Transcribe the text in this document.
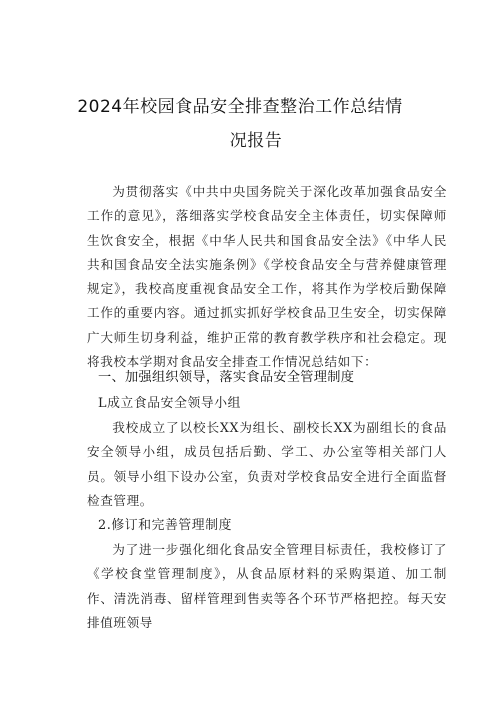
2024年校园食品安全排查整治工作总结情
况报告
为贯彻落实《中共中央国务院关于深化改革加强食品安全工作的意见》，落细落实学校食品安全主体责任，切实保障师生饮食安全，根据《中华人民共和国食品安全法》《中华人民共和国食品安全法实施条例》《学校食品安全与营养健康管理规定》，我校高度重视食品安全工作，将其作为学校后勤保障工作的重要内容。通过抓实抓好学校食品卫生安全，切实保障广大师生切身利益，维护正常的教育教学秩序和社会稳定。现将我校本学期对食品安全排查工作情况总结如下：
一、加强组织领导，落实食品安全管理制度
L成立食品安全领导小组
我校成立了以校长XX为组长、副校长XX为副组长的食品安全领导小组，成员包括后勤、学工、办公室等相关部门人员。领导小组下设办公室，负责对学校食品安全进行全面监督检查管理。
2.修订和完善管理制度
为了进一步强化细化食品安全管理目标责任，我校修订了《学校食堂管理制度》，从食品原材料的采购渠道、加工制作、清洗消毒、留样管理到售卖等各个环节严格把控。每天安排值班领导
